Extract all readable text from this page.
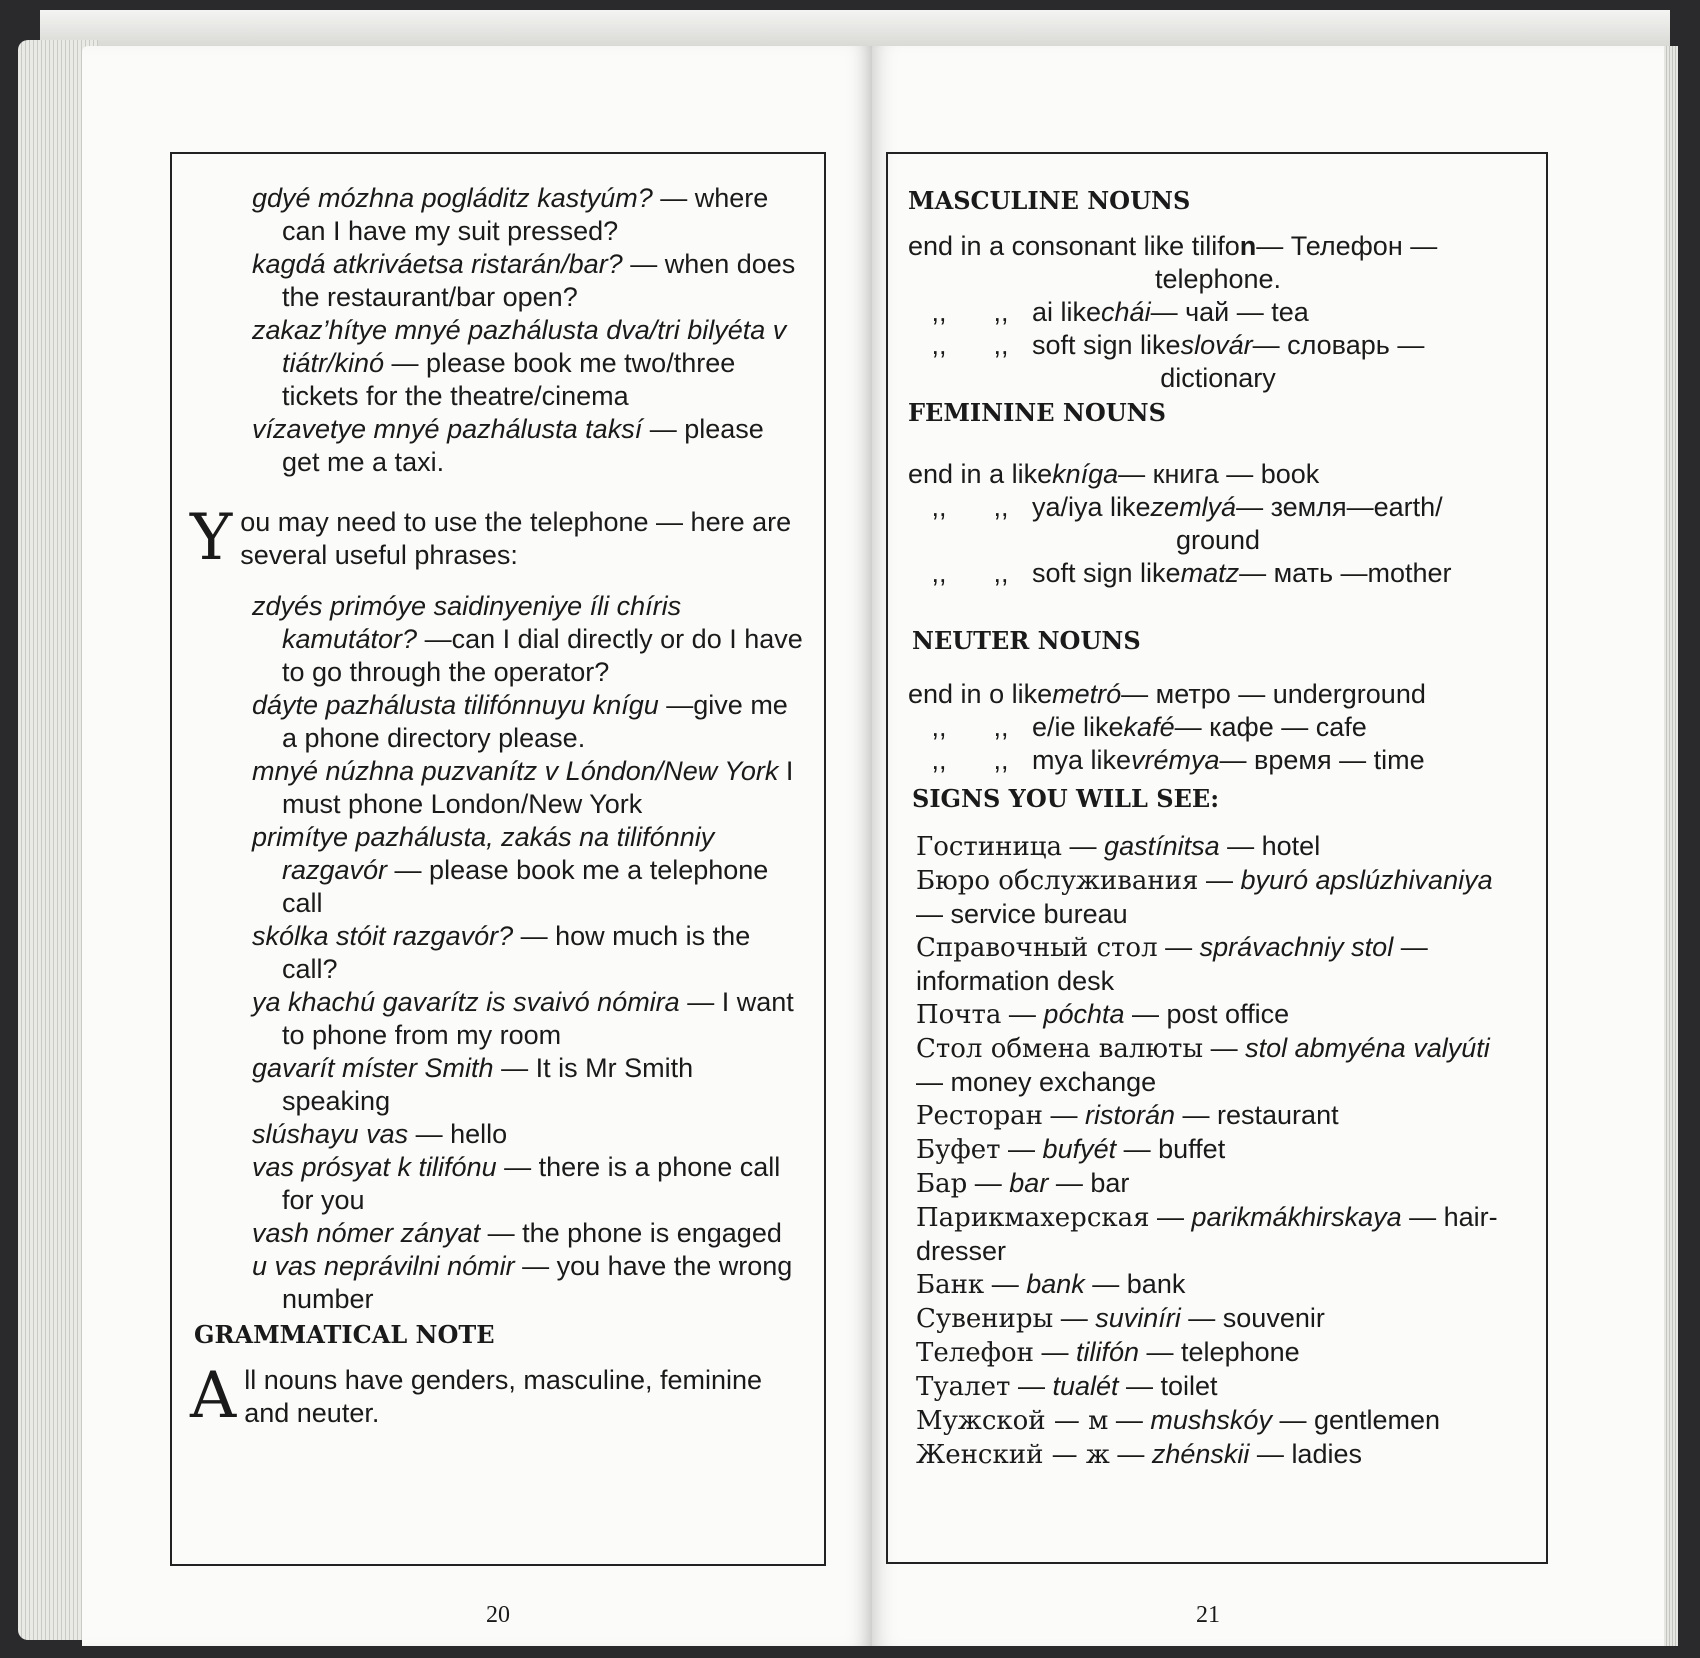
gdyé mózhna pogláditz kastyúm? — where can I have my suit pressed?

kagdá atkriváetsa ristarán/bar? — when does the restaurant/bar open?

zakaz’hítye mnyé pazhálusta dva/tri bilyéta v tiátr/kinó — please book me two/three tickets for the theatre/cinema

vízavetye mnyé pazhálusta taksí — please get me a taxi.

Y ou may need to use the telephone — here are several useful phrases:

zdyés primóye saidinyeniye íli chíris kamutátor? —can I dial directly or do I have to go through the operator?

dáyte pazhálusta tilifónnuyu knígu —give me a phone directory please.

mnyé núzhna puzvanítz v Lóndon/New York I must phone London/New York

primítye pazhálusta, zakás na tilifónniy razgavór — please book me a telephone call

skólka stóit razgavór? — how much is the call?

ya khachú gavarítz is svaivó nómira — I want to phone from my room

gavarít míster Smith — It is Mr Smith speaking

slúshayu vas — hello

vas prósyat k tilifónu — there is a phone call for you

vash nómer zányat — the phone is engaged

u vas neprávilni nómir — you have the wrong number

GRAMMATICAL NOTE
A ll nouns have genders, masculine, feminine and neuter.
20
MASCULINE NOUNS
end in a consonant like tilifo n — Телефон —
telephone.
,,	,, ai like chái — чай — tea
,,	,, soft sign like slovár — словарь —
dictionary
FEMININE NOUNS
end in a like kníga — книга — book
,,	,, ya/iya like zemlyá — земля—earth/
ground
,,	,, soft sign like matz — мать —mother
NEUTER NOUNS
end in o like metró — метро — underground
,,	,, e/ie like kafé — кафе — cafe
,,	,, mya like vrémya — время — time
SIGNS YOU WILL SEE:

Гостиница — gastínitsa — hotel

Бюро обслуживания — byuró apslúzhivaniya — service bureau

Справочный стол — správachniy stol — information desk

Почта — póchta — post office

Стол обмена валюты — stol abmyéna valyúti — money exchange

Ресторан — ristorán — restaurant

Буфет — bufyét — buffet

Бар — bar — bar

Парикмахерская — parikmákhirskaya — hair-dresser

Банк — bank — bank

Сувениры — suviníri — souvenir

Телефон — tilifón — telephone

Туалет — tualét — toilet

Мужской — м — mushskóy — gentlemen

Женский — ж — zhénskii — ladies

21
